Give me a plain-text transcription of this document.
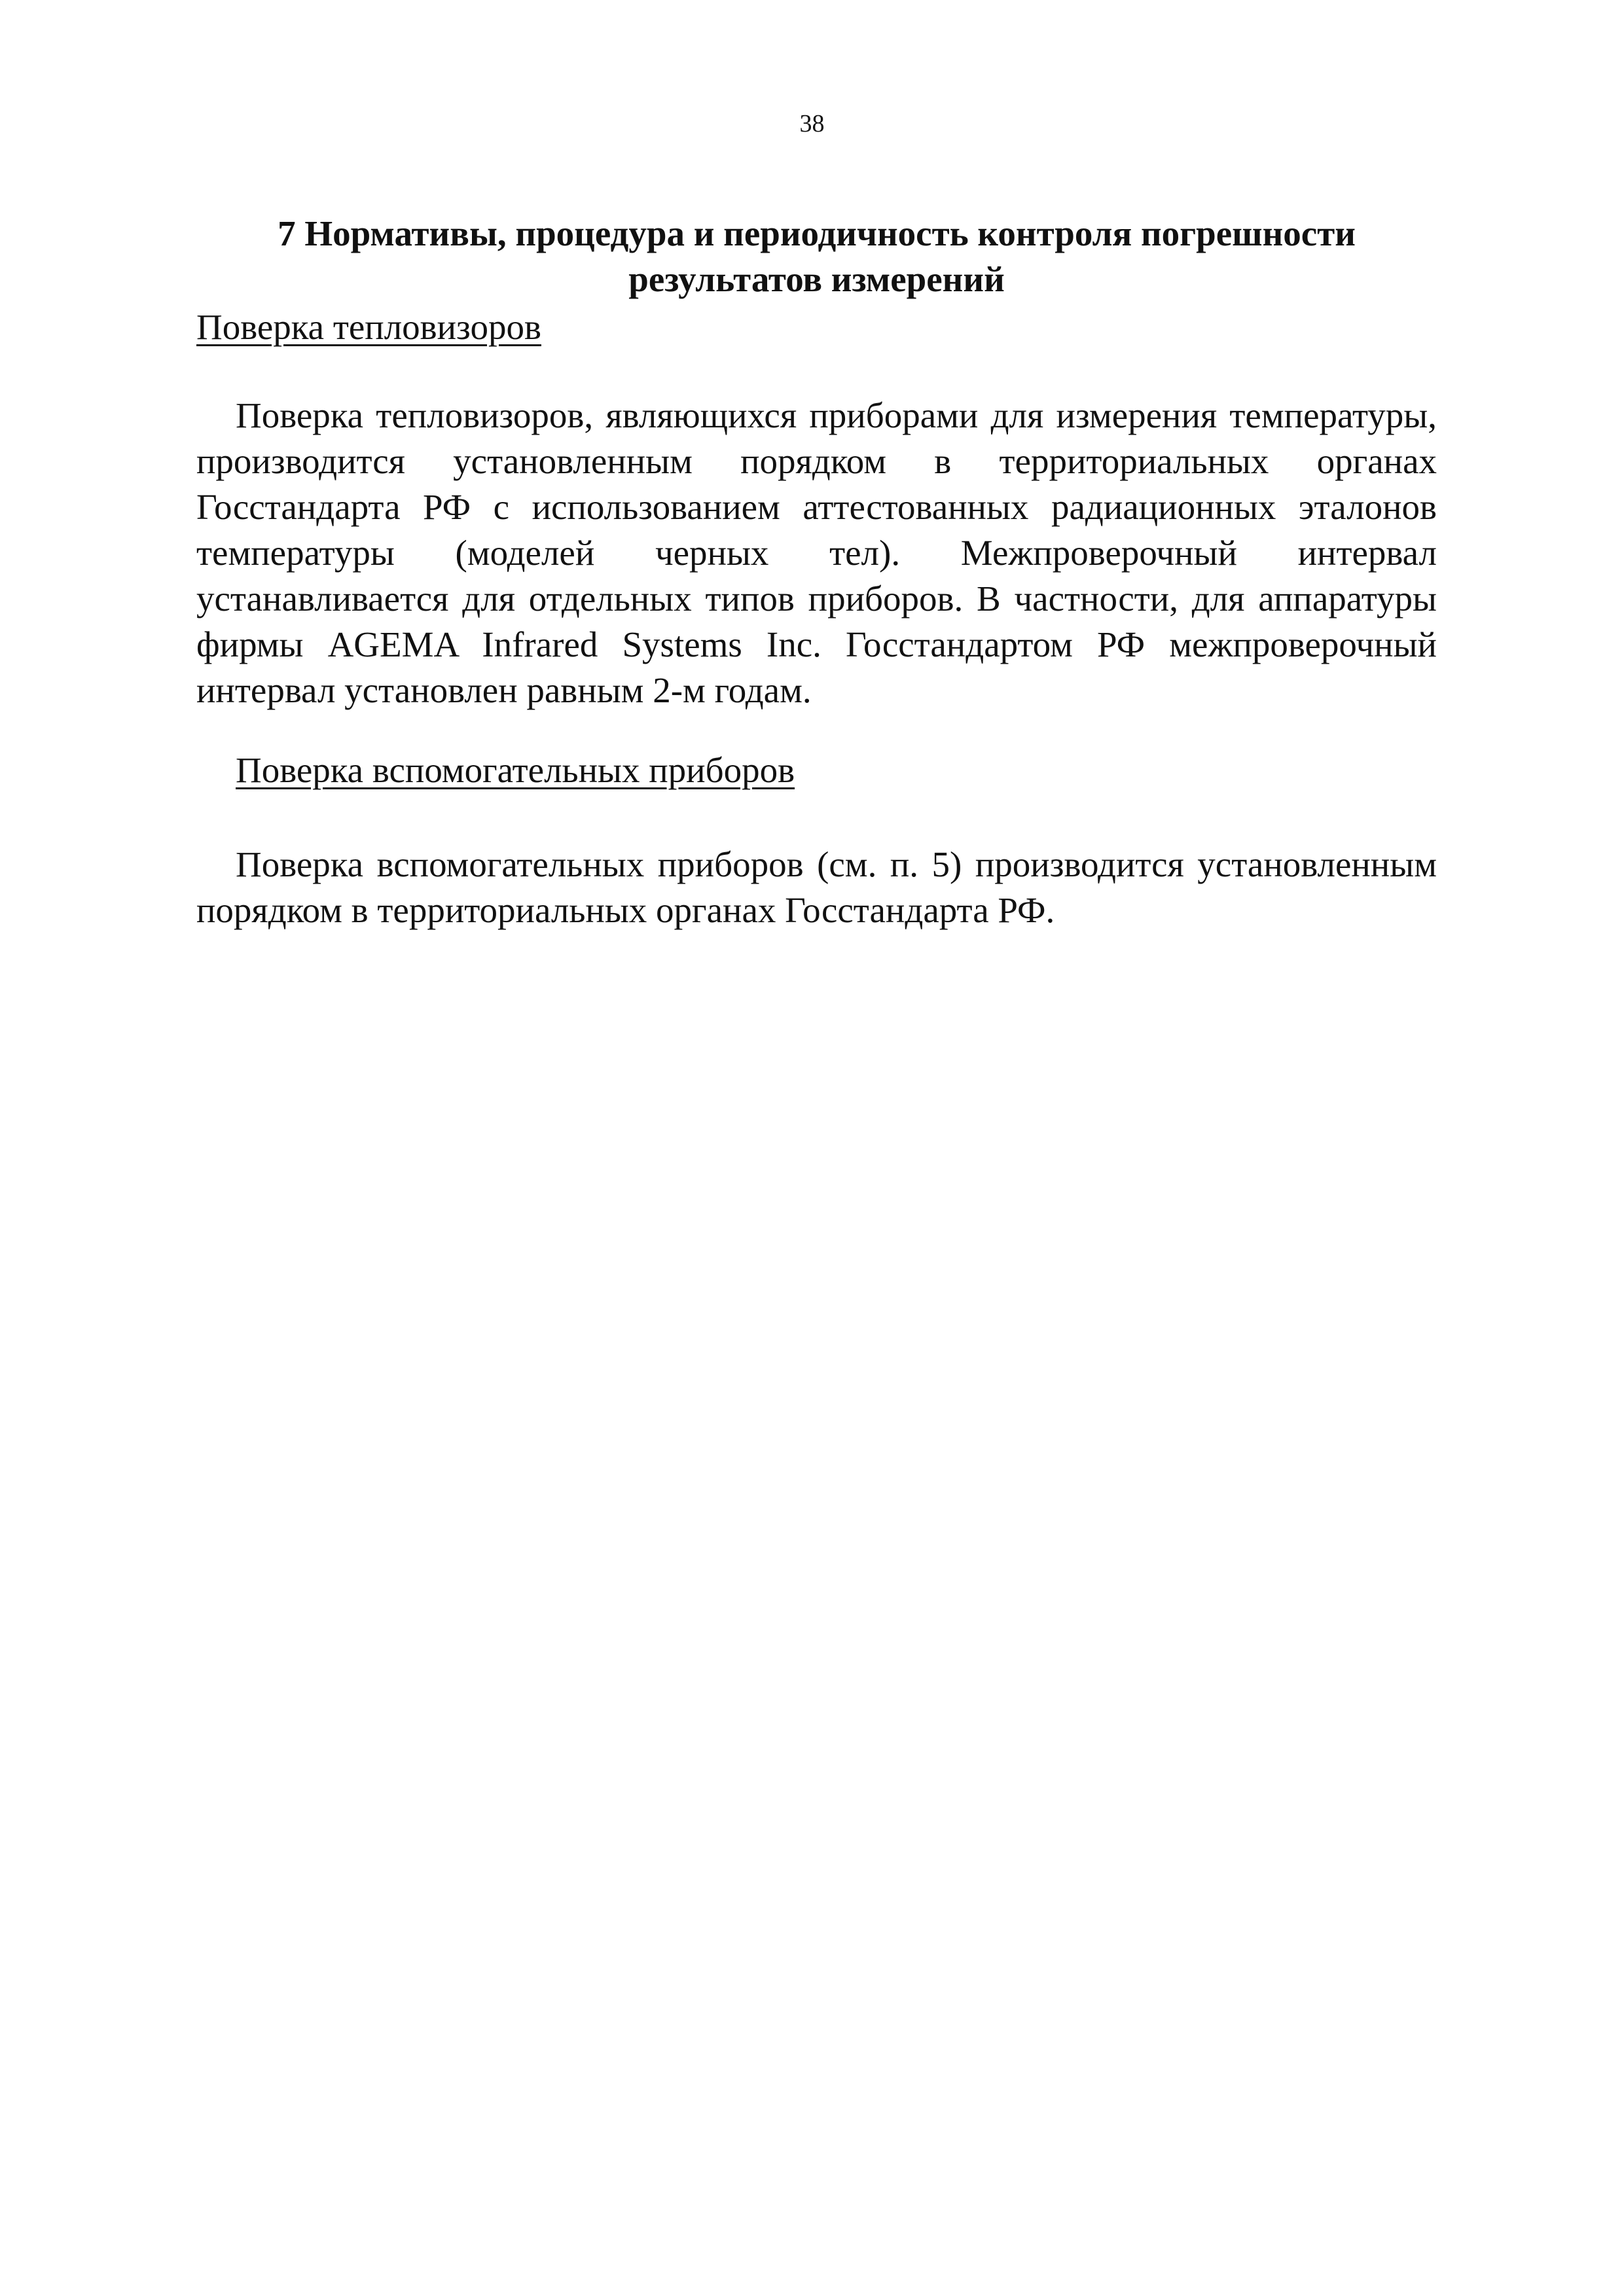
38
7 Нормативы, процедура и периодичность контроля погрешности результатов измерений
Поверка тепловизоров

Поверка тепловизоров, являющихся приборами для измерения температуры, производится установленным порядком в территориальных органах Госстандарта РФ с использованием аттестованных радиационных эталонов температуры (моделей черных тел). Межпроверочный интервал устанавливается для отдельных типов приборов. В частности, для аппаратуры фирмы AGEMA Infrared Systems Inc. Госстандартом РФ межпроверочный интервал установлен равным 2-м годам.

Поверка вспомогательных приборов

Поверка вспомогательных приборов (см. п. 5) производится установленным порядком в территориальных органах Госстандарта РФ.
